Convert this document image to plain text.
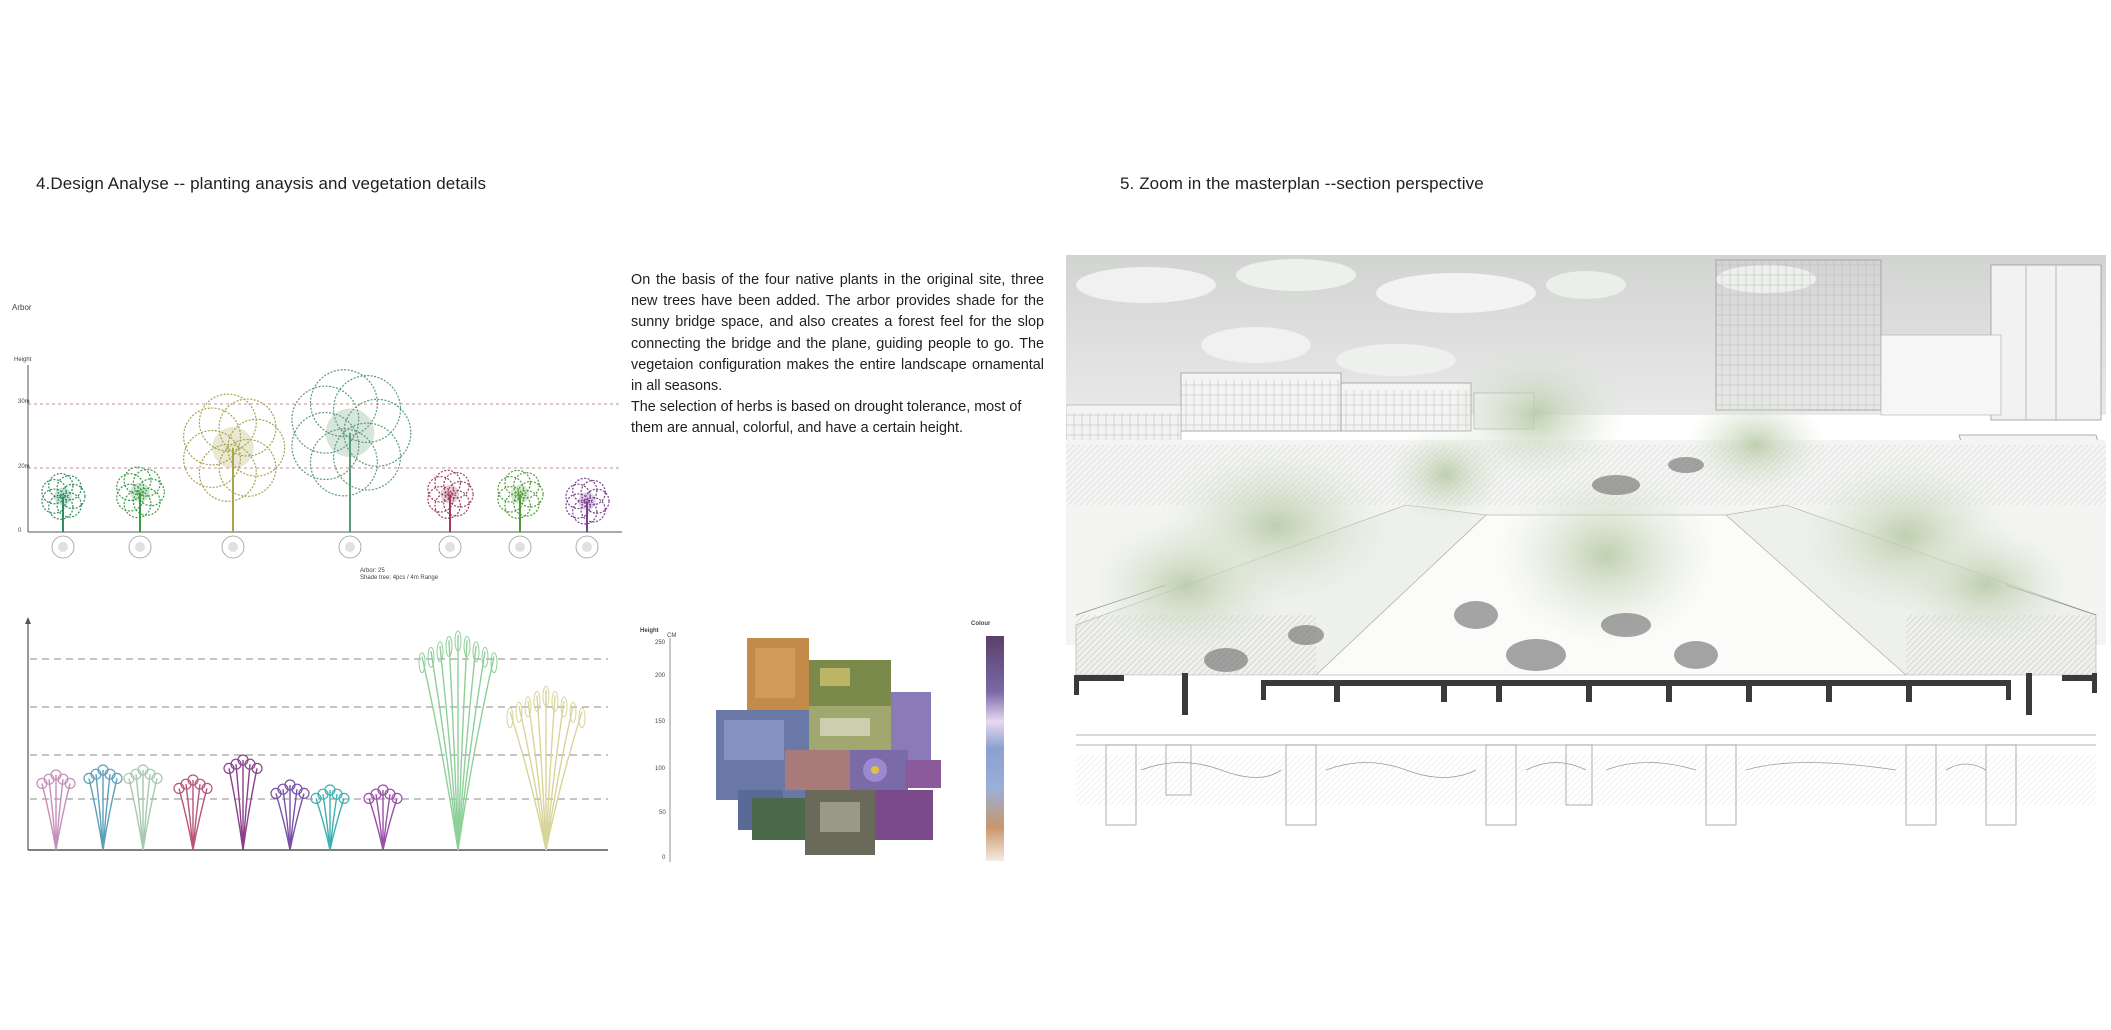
4.Design Analyse -- planting anaysis and vegetation details	5. Zoom in the masterplan --section perspective
On the basis of the four native plants in the original site, three new trees have been added. The arbor provides shade for the sunny bridge space, and also creates a forest feel for the slop connecting the bridge and the plane, guiding people to go. The vegetaion configuration makes the entire landscape ornamental in all seasons.
The selection of herbs is based on drought tolerance, most of them are annual, colorful, and have a certain height.
Arbor
Height
30m
20m
0
Arbor: 25
Shade tree: 4pcs / 4m Range
Height
CM
250
200
150
100
50
0
Colour
